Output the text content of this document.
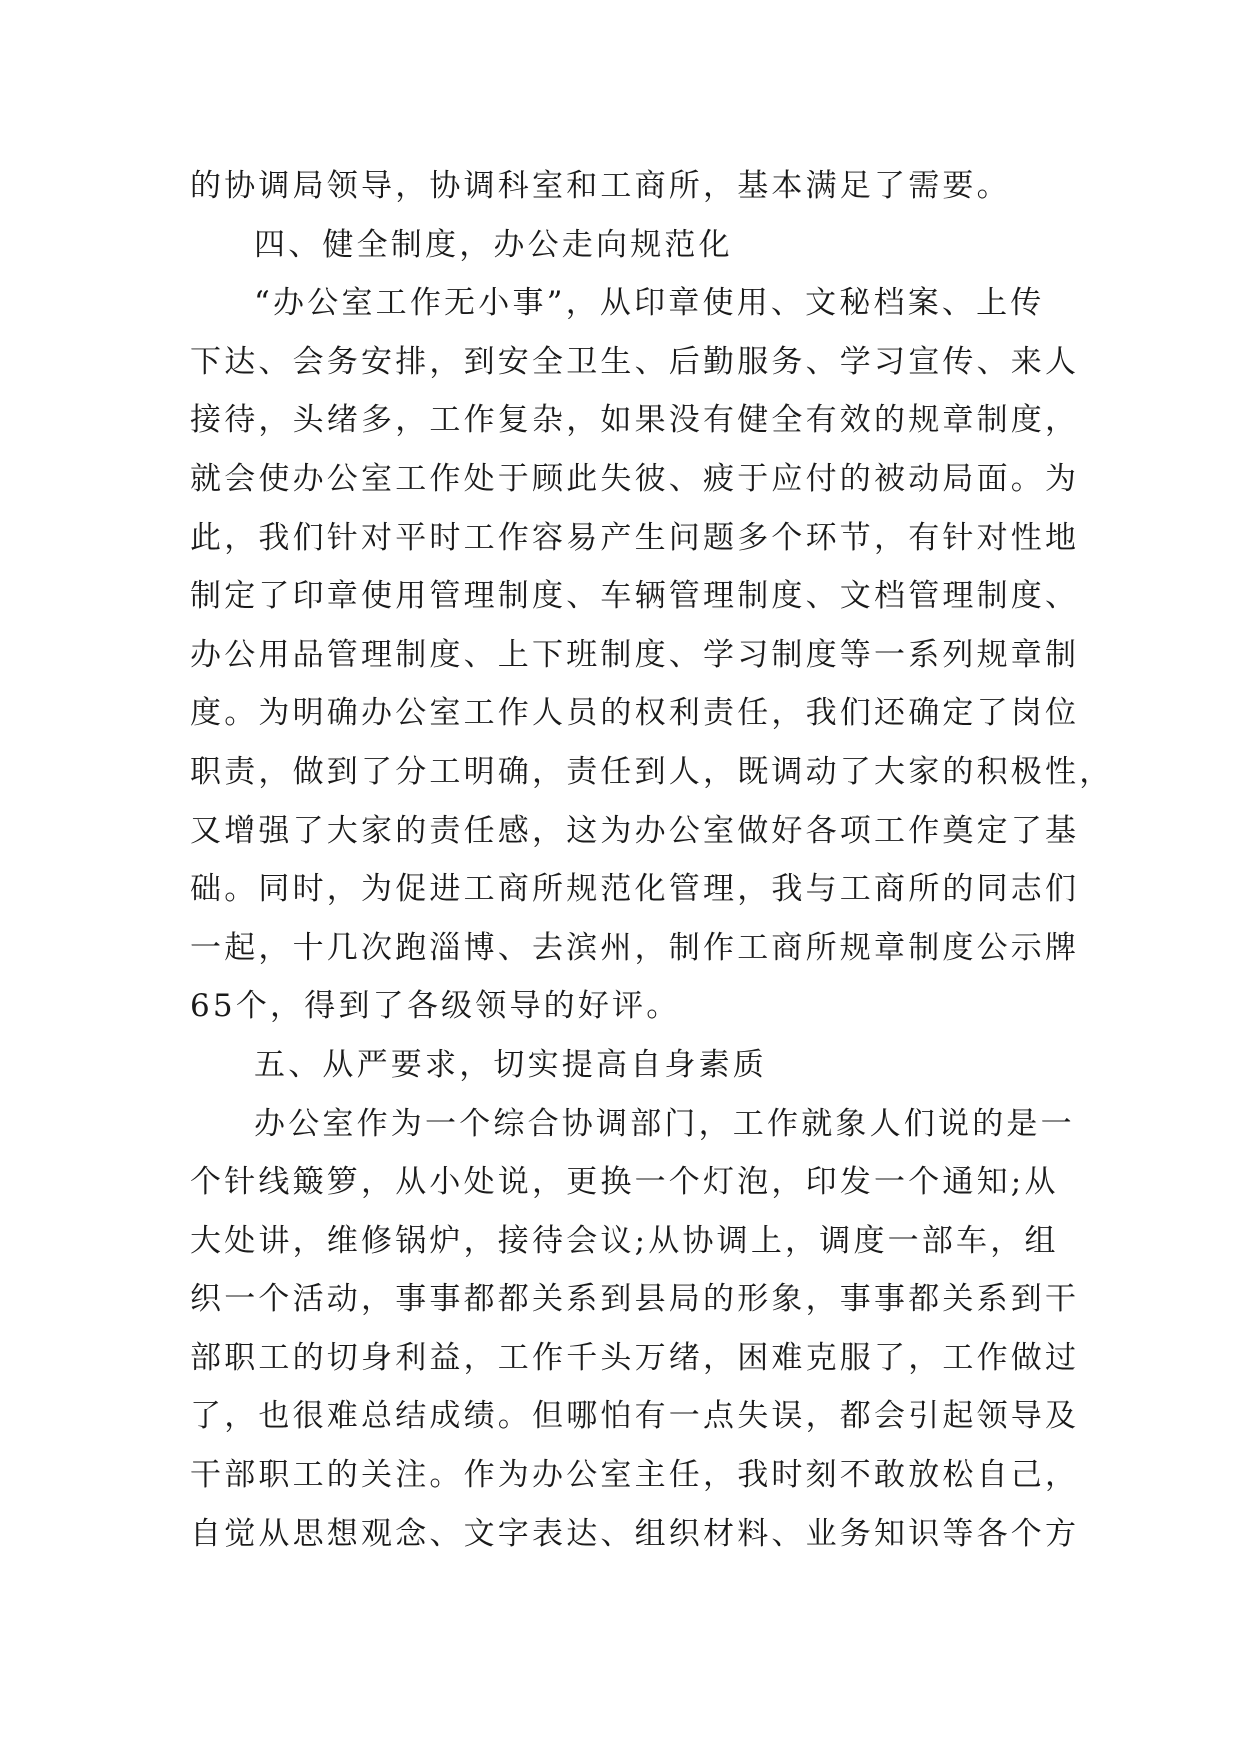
的协调局领导，协调科室和工商所，基本满足了需要。
四、健全制度，办公走向规范化
“办公室工作无小事”，从印章使用、文秘档案、上传
下达、会务安排，到安全卫生、后勤服务、学习宣传、来人
接待，头绪多，工作复杂，如果没有健全有效的规章制度，
就会使办公室工作处于顾此失彼、疲于应付的被动局面。为
此，我们针对平时工作容易产生问题多个环节，有针对性地
制定了印章使用管理制度、车辆管理制度、文档管理制度、
办公用品管理制度、上下班制度、学习制度等一系列规章制
度。为明确办公室工作人员的权利责任，我们还确定了岗位
职责，做到了分工明确，责任到人，既调动了大家的积极性，
又增强了大家的责任感，这为办公室做好各项工作奠定了基
础。同时，为促进工商所规范化管理，我与工商所的同志们
一起，十几次跑淄博、去滨州，制作工商所规章制度公示牌
65个，得到了各级领导的好评。
五、从严要求，切实提高自身素质
办公室作为一个综合协调部门，工作就象人们说的是一
个针线簸箩，从小处说，更换一个灯泡，印发一个通知;从
大处讲，维修锅炉，接待会议;从协调上，调度一部车，组
织一个活动，事事都都关系到县局的形象，事事都关系到干
部职工的切身利益，工作千头万绪，困难克服了，工作做过
了，也很难总结成绩。但哪怕有一点失误，都会引起领导及
干部职工的关注。作为办公室主任，我时刻不敢放松自己，
自觉从思想观念、文字表达、组织材料、业务知识等各个方
